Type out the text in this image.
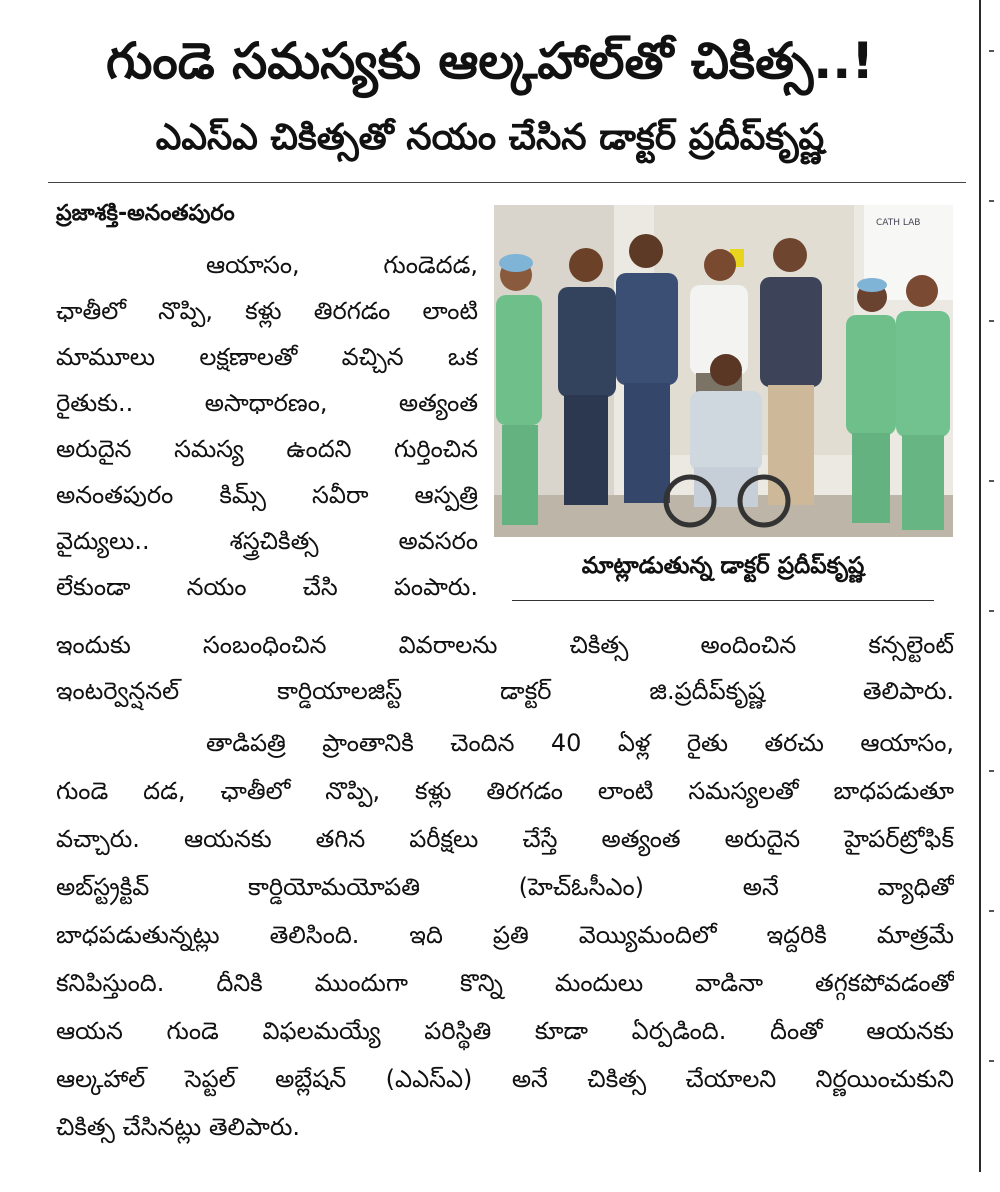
గుండె సమస్యకు ఆల్కహాల్‌తో చికిత్స..!
ఎఎస్‌ఎ చికిత్సతో నయం చేసిన డాక్టర్‌ ప్రదీప్‌కృష్ణ
ప్రజాశక్తి-అనంతపురం
ఆయాసం, గుండెదడ,
ఛాతీలో నొప్పి, కళ్లు తిరగడం లాంటి
మామూలు లక్షణాలతో వచ్చిన ఒక
రైతుకు.. అసాధారణం, అత్యంత
అరుదైన సమస్య ఉందని గుర్తించిన
అనంతపురం కిమ్స్‌ సవీరా ఆస్పత్రి
వైద్యులు.. శస్త్రచికిత్స అవసరం
లేకుండా నయం చేసి పంపారు.
CATH LAB
మాట్లాడుతున్న డాక్టర్‌ ప్రదీప్‌కృష్ణ
ఇందుకు సంబంధించిన వివరాలను చికిత్స అందించిన కన్సల్టెంట్‌
ఇంటర్వెన్షనల్‌ కార్డియాలజిస్ట్‌ డాక్టర్‌ జి.ప్రదీప్‌కృష్ణ తెలిపారు.
తాడిపత్రి ప్రాంతానికి చెందిన 40 ఏళ్ల రైతు తరచు ఆయాసం,
గుండె దడ, ఛాతీలో నొప్పి, కళ్లు తిరగడం లాంటి సమస్యలతో బాధపడుతూ
వచ్చారు. ఆయనకు తగిన పరీక్షలు చేస్తే అత్యంత అరుదైన హైపర్‌ట్రోఫిక్‌
అబ్‌స్ట్రక్టివ్‌ కార్డియోమయోపతి (హెచ్‌ఓసీఎం) అనే వ్యాధితో
బాధపడుతున్నట్లు తెలిసింది. ఇది ప్రతి వెయ్యిమందిలో ఇద్దరికి మాత్రమే
కనిపిస్తుంది. దీనికి ముందుగా కొన్ని మందులు వాడినా తగ్గకపోవడంతో
ఆయన గుండె విఫలమయ్యే పరిస్థితి కూడా ఏర్పడింది. దీంతో ఆయనకు
ఆల్కహాల్‌ సెప్టల్‌ అబ్లేషన్‌ (ఎఎస్‌ఎ) అనే చికిత్స చేయాలని నిర్ణయించుకుని
చికిత్స చేసినట్లు తెలిపారు.
